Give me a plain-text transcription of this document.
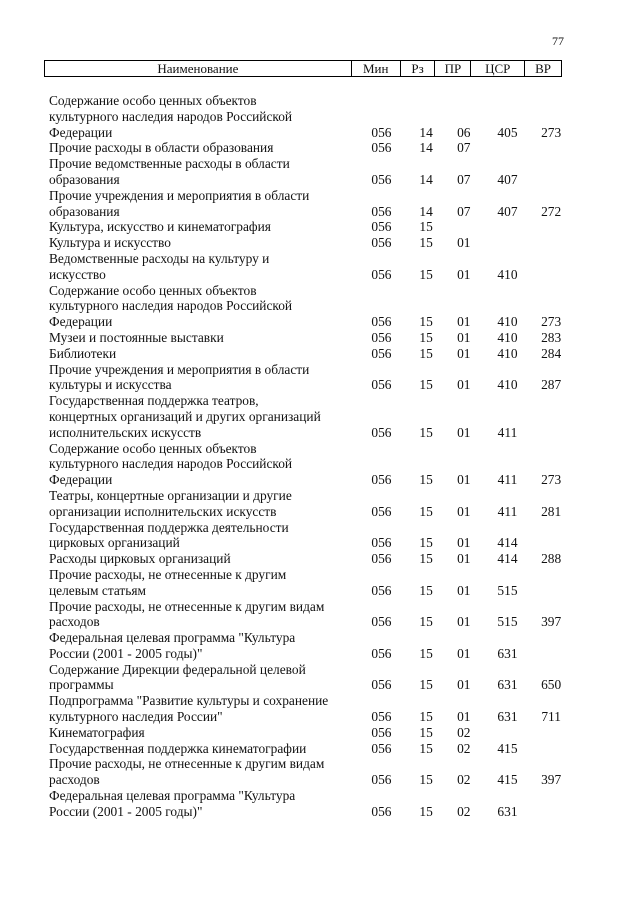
77
Наименование	Мин	Рз	ПР	ЦСР	ВР
Содержание особо ценных объектов
культурного наследия народов Российской
Федерации	056	14	06	405	273
Прочие расходы в области образования	056	14	07
Прочие ведомственные расходы в области
образования	056	14	07	407
Прочие учреждения и мероприятия в области
образования	056	14	07	407	272
Культура, искусство и кинематография	056	15
Культура и искусство	056	15	01
Ведомственные расходы на культуру и
искусство	056	15	01	410
Содержание особо ценных объектов
культурного наследия народов Российской
Федерации	056	15	01	410	273
Музеи и постоянные выставки	056	15	01	410	283
Библиотеки	056	15	01	410	284
Прочие учреждения и мероприятия в области
культуры и искусства	056	15	01	410	287
Государственная поддержка театров,
концертных организаций и других организаций
исполнительских искусств	056	15	01	411
Содержание особо ценных объектов
культурного наследия народов Российской
Федерации	056	15	01	411	273
Театры, концертные организации и другие
организации исполнительских искусств	056	15	01	411	281
Государственная поддержка деятельности
цирковых организаций	056	15	01	414
Расходы цирковых организаций	056	15	01	414	288
Прочие расходы, не отнесенные к другим
целевым статьям	056	15	01	515
Прочие расходы, не отнесенные к другим видам
расходов	056	15	01	515	397
Федеральная целевая программа "Культура
России (2001 - 2005 годы)"	056	15	01	631
Содержание Дирекции федеральной целевой
программы	056	15	01	631	650
Подпрограмма "Развитие культуры и сохранение
культурного наследия России"	056	15	01	631	711
Кинематография	056	15	02
Государственная поддержка кинематографии	056	15	02	415
Прочие расходы, не отнесенные к другим видам
расходов	056	15	02	415	397
Федеральная целевая программа "Культура
России (2001 - 2005 годы)"	056	15	02	631
